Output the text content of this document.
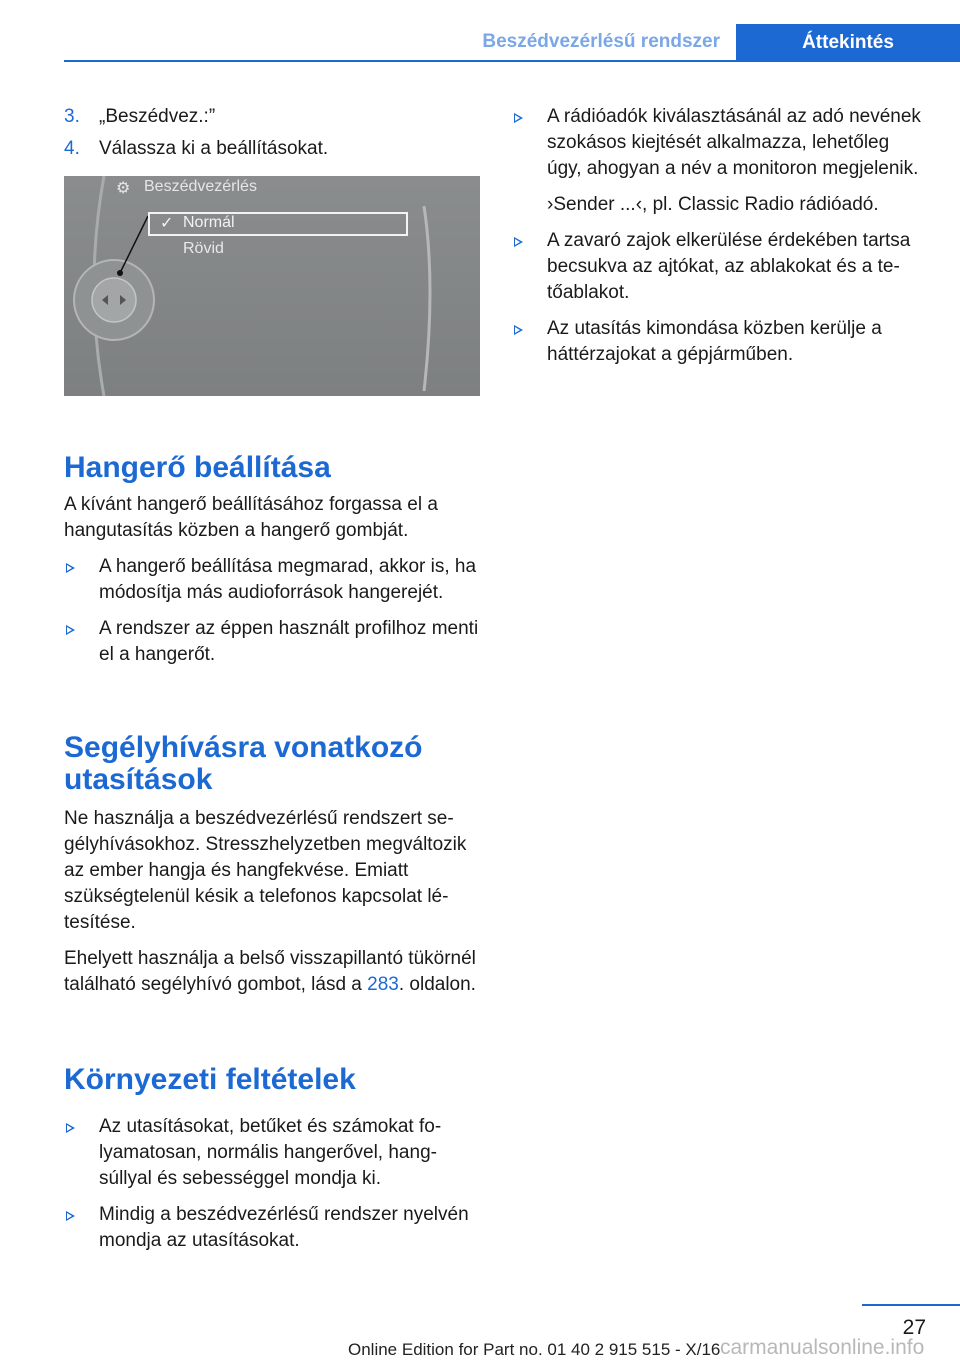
Beszédvezérlésű rendszer	Áttekintés
3. „Beszédvez.:”
4. Válassza ki a beállításokat.
⚙ Beszédvezérlés
✓ Normál
Rövid
Hangerő beállítása

A kívánt hangerő beállításához forgassa el a hangutasítás közben a hangerő gombját.

A hangerő beállítása megmarad, akkor is, ha módosítja más audioforrások hangerejét.
A rendszer az éppen használt profilhoz menti el a hangerőt.
Segélyhívásra vonatkozó utasítások

Ne használja a beszédvezérlésű rendszert segélyhívásokhoz. Stresszhelyzetben megváltozik az ember hangja és hangfekvése. Emiatt szükségtelenül késik a telefonos kapcsolat létesítése.

Ehelyett használja a belső visszapillantó tükörnél található segélyhívó gombot, lásd a 283. oldalon.

Környezeti feltételek
Az utasításokat, betűket és számokat folyamatosan, normális hangerővel, hangsúllyal és sebességgel mondja ki.
Mindig a beszédvezérlésű rendszer nyelvén mondja az utasításokat.
A rádióadók kiválasztásánál az adó nevének szokásos kiejtését alkalmazza, lehetőleg úgy, ahogyan a név a monitoron megjelenik.

›Sender ...‹, pl. Classic Radio rádióadó.

A zavaró zajok elkerülése érdekében tartsa becsukva az ajtókat, az ablakokat és a tetőablakot.
Az utasítás kimondása közben kerülje a háttérzajokat a gépjárműben.
27
Online Edition for Part no. 01 40 2 915 515 - X/16 carmanualsonline.info
